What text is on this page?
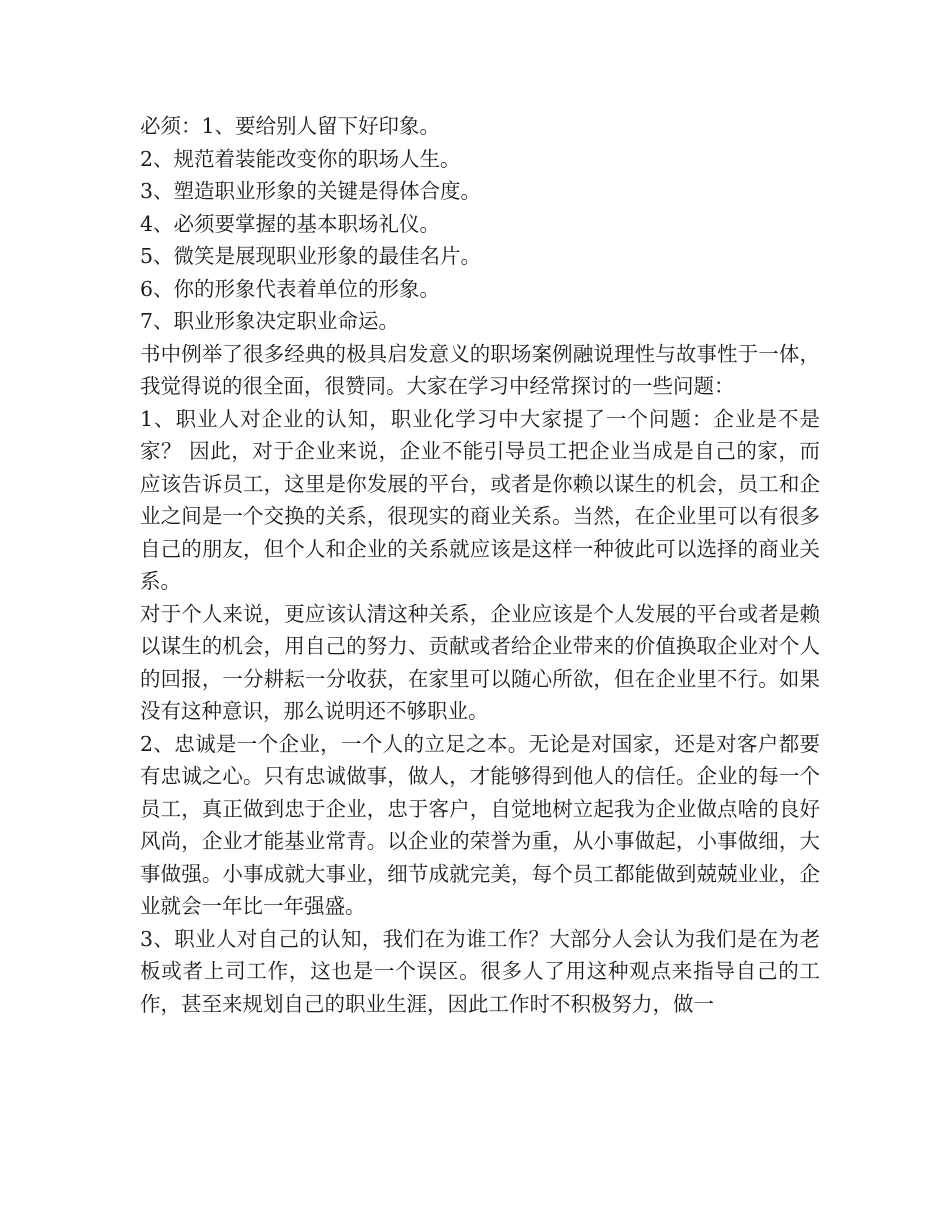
必须：1、要给别人留下好印象。

2、规范着装能改变你的职场人生。

3、塑造职业形象的关键是得体合度。

4、必须要掌握的基本职场礼仪。

5、微笑是展现职业形象的最佳名片。

6、你的形象代表着单位的形象。

7、职业形象决定职业命运。

书中例举了很多经典的极具启发意义的职场案例融说理性与故事性于一体，我觉得说的很全面，很赞同。大家在学习中经常探讨的一些问题：

1、职业人对企业的认知，职业化学习中大家提了一个问题：企业是不是家？ 因此，对于企业来说，企业不能引导员工把企业当成是自己的家，而应该告诉员工，这里是你发展的平台，或者是你赖以谋生的机会，员工和企业之间是一个交换的关系，很现实的商业关系。当然，在企业里可以有很多自己的朋友，但个人和企业的关系就应该是这样一种彼此可以选择的商业关系。

对于个人来说，更应该认清这种关系，企业应该是个人发展的平台或者是赖以谋生的机会，用自己的努力、贡献或者给企业带来的价值换取企业对个人的回报，一分耕耘一分收获，在家里可以随心所欲，但在企业里不行。如果没有这种意识，那么说明还不够职业。

2、忠诚是一个企业，一个人的立足之本。无论是对国家，还是对客户都要有忠诚之心。只有忠诚做事，做人，才能够得到他人的信任。企业的每一个员工，真正做到忠于企业，忠于客户，自觉地树立起我为企业做点啥的良好风尚，企业才能基业常青。以企业的荣誉为重，从小事做起，小事做细，大事做强。小事成就大事业，细节成就完美，每个员工都能做到兢兢业业，企业就会一年比一年强盛。

3、职业人对自己的认知，我们在为谁工作？大部分人会认为我们是在为老板或者上司工作，这也是一个误区。很多人了用这种观点来指导自己的工作，甚至来规划自己的职业生涯，因此工作时不积极努力，做一
